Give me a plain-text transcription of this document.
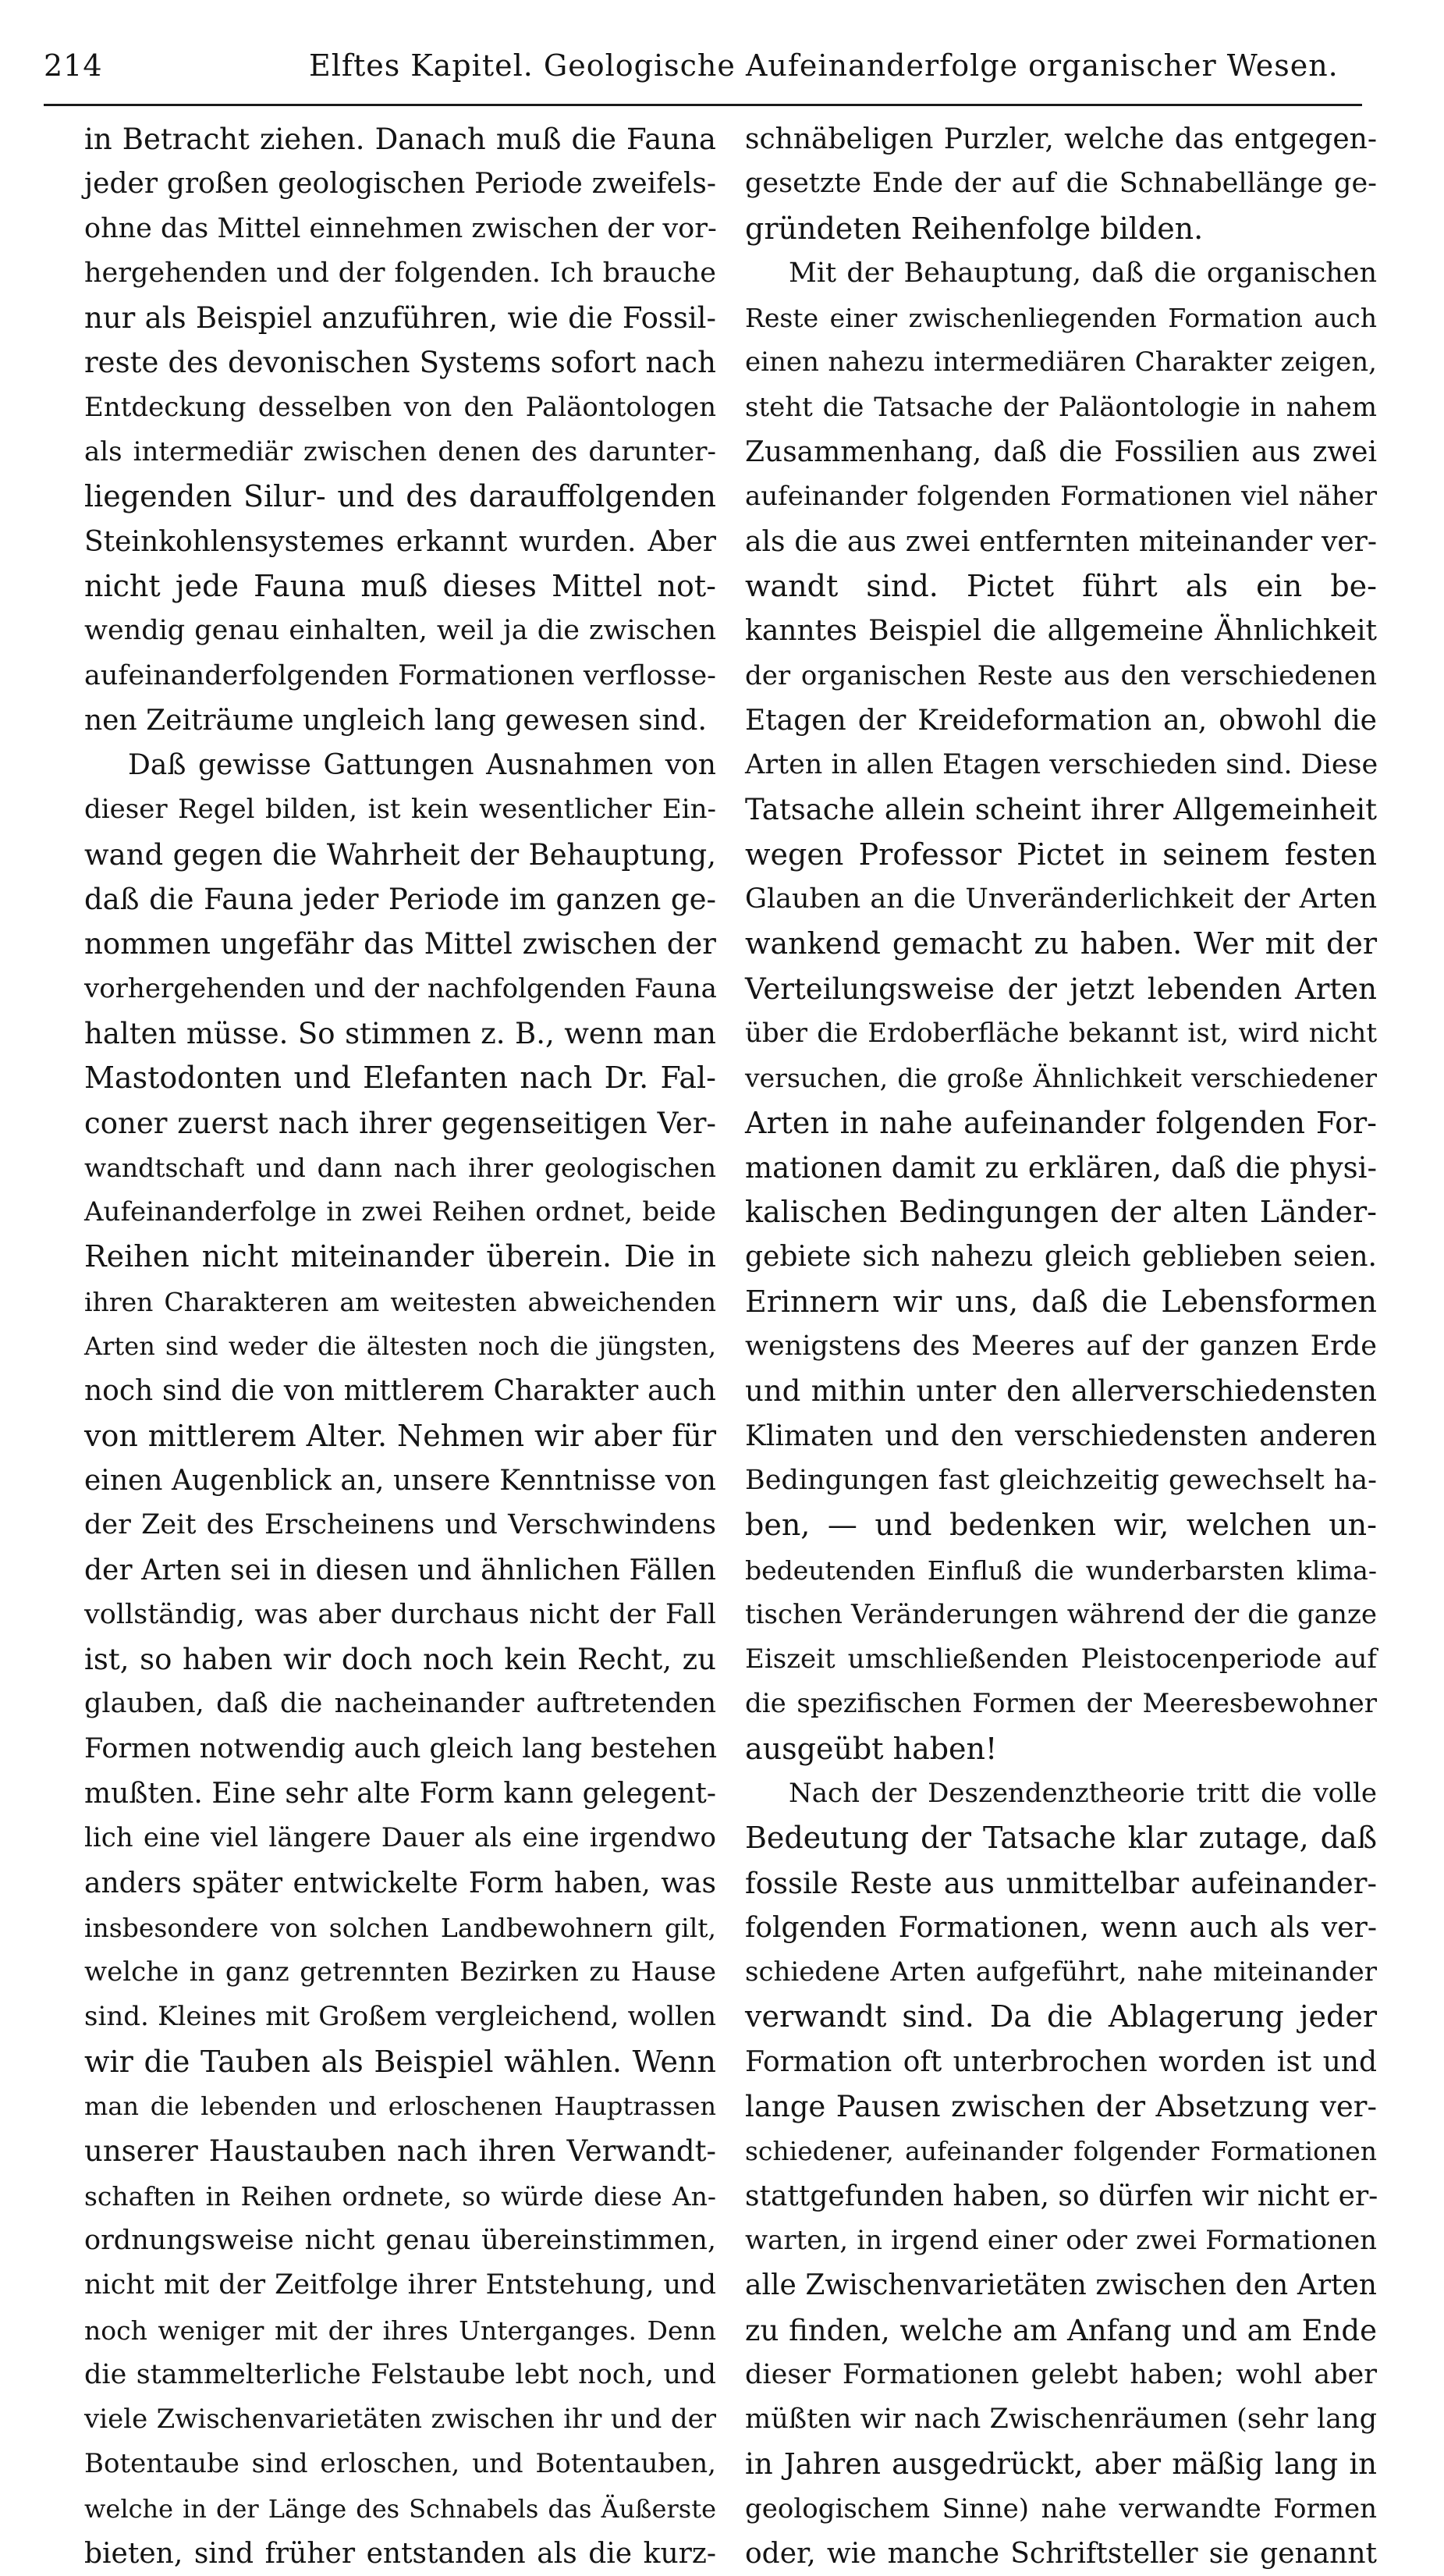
214	Elftes Kapitel. Geologische Aufeinanderfolge organischer Wesen.
in Betracht ziehen. Danach muß die Fauna
jeder großen geologischen Periode zweifels-
ohne das Mittel einnehmen zwischen der vor-
hergehenden und der folgenden. Ich brauche
nur als Beispiel anzuführen, wie die Fossil-
reste des devonischen Systems sofort nach
Entdeckung desselben von den Paläontologen
als intermediär zwischen denen des darunter-
liegenden Silur- und des darauffolgenden
Steinkohlensystemes erkannt wurden. Aber
nicht jede Fauna muß dieses Mittel not-
wendig genau einhalten, weil ja die zwischen
aufeinanderfolgenden Formationen verflosse-
nen Zeiträume ungleich lang gewesen sind.
Daß gewisse Gattungen Ausnahmen von
dieser Regel bilden, ist kein wesentlicher Ein-
wand gegen die Wahrheit der Behauptung,
daß die Fauna jeder Periode im ganzen ge-
nommen ungefähr das Mittel zwischen der
vorhergehenden und der nachfolgenden Fauna
halten müsse. So stimmen z. B., wenn man
Mastodonten und Elefanten nach Dr. Fal-
coner zuerst nach ihrer gegenseitigen Ver-
wandtschaft und dann nach ihrer geologischen
Aufeinanderfolge in zwei Reihen ordnet, beide
Reihen nicht miteinander überein. Die in
ihren Charakteren am weitesten abweichenden
Arten sind weder die ältesten noch die jüngsten,
noch sind die von mittlerem Charakter auch
von mittlerem Alter. Nehmen wir aber für
einen Augenblick an, unsere Kenntnisse von
der Zeit des Erscheinens und Verschwindens
der Arten sei in diesen und ähnlichen Fällen
vollständig, was aber durchaus nicht der Fall
ist, so haben wir doch noch kein Recht, zu
glauben, daß die nacheinander auftretenden
Formen notwendig auch gleich lang bestehen
mußten. Eine sehr alte Form kann gelegent-
lich eine viel längere Dauer als eine irgendwo
anders später entwickelte Form haben, was
insbesondere von solchen Landbewohnern gilt,
welche in ganz getrennten Bezirken zu Hause
sind. Kleines mit Großem vergleichend, wollen
wir die Tauben als Beispiel wählen. Wenn
man die lebenden und erloschenen Hauptrassen
unserer Haustauben nach ihren Verwandt-
schaften in Reihen ordnete, so würde diese An-
ordnungsweise nicht genau übereinstimmen,
nicht mit der Zeitfolge ihrer Entstehung, und
noch weniger mit der ihres Unterganges. Denn
die stammelterliche Felstaube lebt noch, und
viele Zwischenvarietäten zwischen ihr und der
Botentaube sind erloschen, und Botentauben,
welche in der Länge des Schnabels das Äußerste
bieten, sind früher entstanden als die kurz-
schnäbeligen Purzler, welche das entgegen-
gesetzte Ende der auf die Schnabellänge ge-
gründeten Reihenfolge bilden.
Mit der Behauptung, daß die organischen
Reste einer zwischenliegenden Formation auch
einen nahezu intermediären Charakter zeigen,
steht die Tatsache der Paläontologie in nahem
Zusammenhang, daß die Fossilien aus zwei
aufeinander folgenden Formationen viel näher
als die aus zwei entfernten miteinander ver-
wandt sind. Pictet führt als ein be-
kanntes Beispiel die allgemeine Ähnlichkeit
der organischen Reste aus den verschiedenen
Etagen der Kreideformation an, obwohl die
Arten in allen Etagen verschieden sind. Diese
Tatsache allein scheint ihrer Allgemeinheit
wegen Professor Pictet in seinem festen
Glauben an die Unveränderlichkeit der Arten
wankend gemacht zu haben. Wer mit der
Verteilungsweise der jetzt lebenden Arten
über die Erdoberfläche bekannt ist, wird nicht
versuchen, die große Ähnlichkeit verschiedener
Arten in nahe aufeinander folgenden For-
mationen damit zu erklären, daß die physi-
kalischen Bedingungen der alten Länder-
gebiete sich nahezu gleich geblieben seien.
Erinnern wir uns, daß die Lebensformen
wenigstens des Meeres auf der ganzen Erde
und mithin unter den allerverschiedensten
Klimaten und den verschiedensten anderen
Bedingungen fast gleichzeitig gewechselt ha-
ben, — und bedenken wir, welchen un-
bedeutenden Einfluß die wunderbarsten klima-
tischen Veränderungen während der die ganze
Eiszeit umschließenden Pleistocenperiode auf
die spezifischen Formen der Meeresbewohner
ausgeübt haben!
Nach der Deszendenztheorie tritt die volle
Bedeutung der Tatsache klar zutage, daß
fossile Reste aus unmittelbar aufeinander-
folgenden Formationen, wenn auch als ver-
schiedene Arten aufgeführt, nahe miteinander
verwandt sind. Da die Ablagerung jeder
Formation oft unterbrochen worden ist und
lange Pausen zwischen der Absetzung ver-
schiedener, aufeinander folgender Formationen
stattgefunden haben, so dürfen wir nicht er-
warten, in irgend einer oder zwei Formationen
alle Zwischenvarietäten zwischen den Arten
zu finden, welche am Anfang und am Ende
dieser Formationen gelebt haben; wohl aber
müßten wir nach Zwischenräumen (sehr lang
in Jahren ausgedrückt, aber mäßig lang in
geologischem Sinne) nahe verwandte Formen
oder, wie manche Schriftsteller sie genannt
